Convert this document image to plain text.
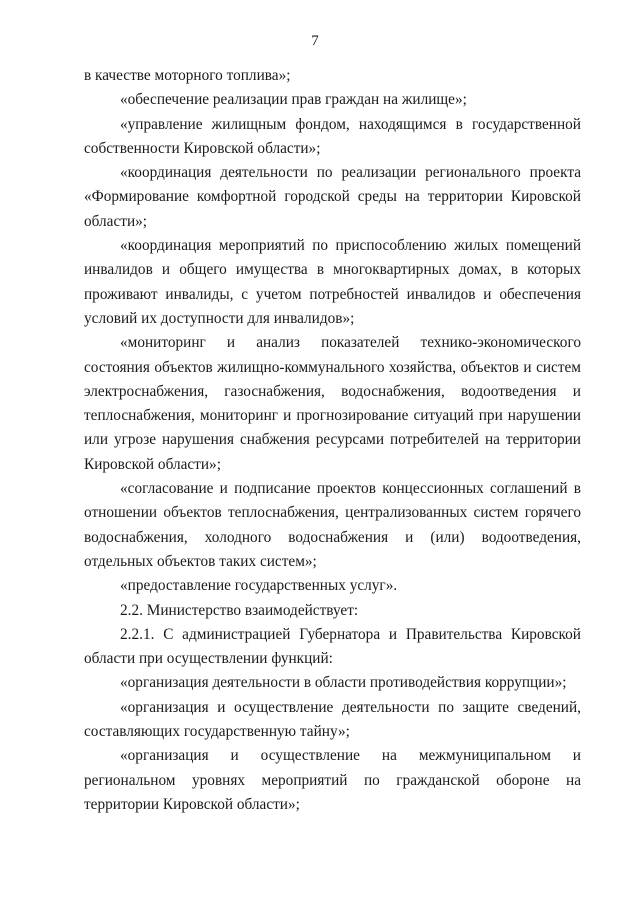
7

в качестве моторного топлива»;

«обеспечение реализации прав граждан на жилище»;

«управление жилищным фондом, находящимся в государственной собственности Кировской области»;

«координация деятельности по реализации регионального проекта «Формирование комфортной городской среды на территории Кировской области»;

«координация мероприятий по приспособлению жилых помещений инвалидов и общего имущества в многоквартирных домах, в которых проживают инвалиды, с учетом потребностей инвалидов и обеспечения условий их доступности для инвалидов»;

«мониторинг и анализ показателей технико-экономического состояния объектов жилищно-коммунального хозяйства, объектов и систем электроснабжения, газоснабжения, водоснабжения, водоотведения и теплоснабжения, мониторинг и прогнозирование ситуаций при нарушении или угрозе нарушения снабжения ресурсами потребителей на территории Кировской области»;

«согласование и подписание проектов концессионных соглашений в отношении объектов теплоснабжения, централизованных систем горячего водоснабжения, холодного водоснабжения и (или) водоотведения, отдельных объектов таких систем»;

«предоставление государственных услуг».

2.2. Министерство взаимодействует:

2.2.1. С администрацией Губернатора и Правительства Кировской области при осуществлении функций:

«организация деятельности в области противодействия коррупции»;

«организация и осуществление деятельности по защите сведений, составляющих государственную тайну»;

«организация и осуществление на межмуниципальном и региональном уровнях мероприятий по гражданской обороне на территории Кировской области»;
